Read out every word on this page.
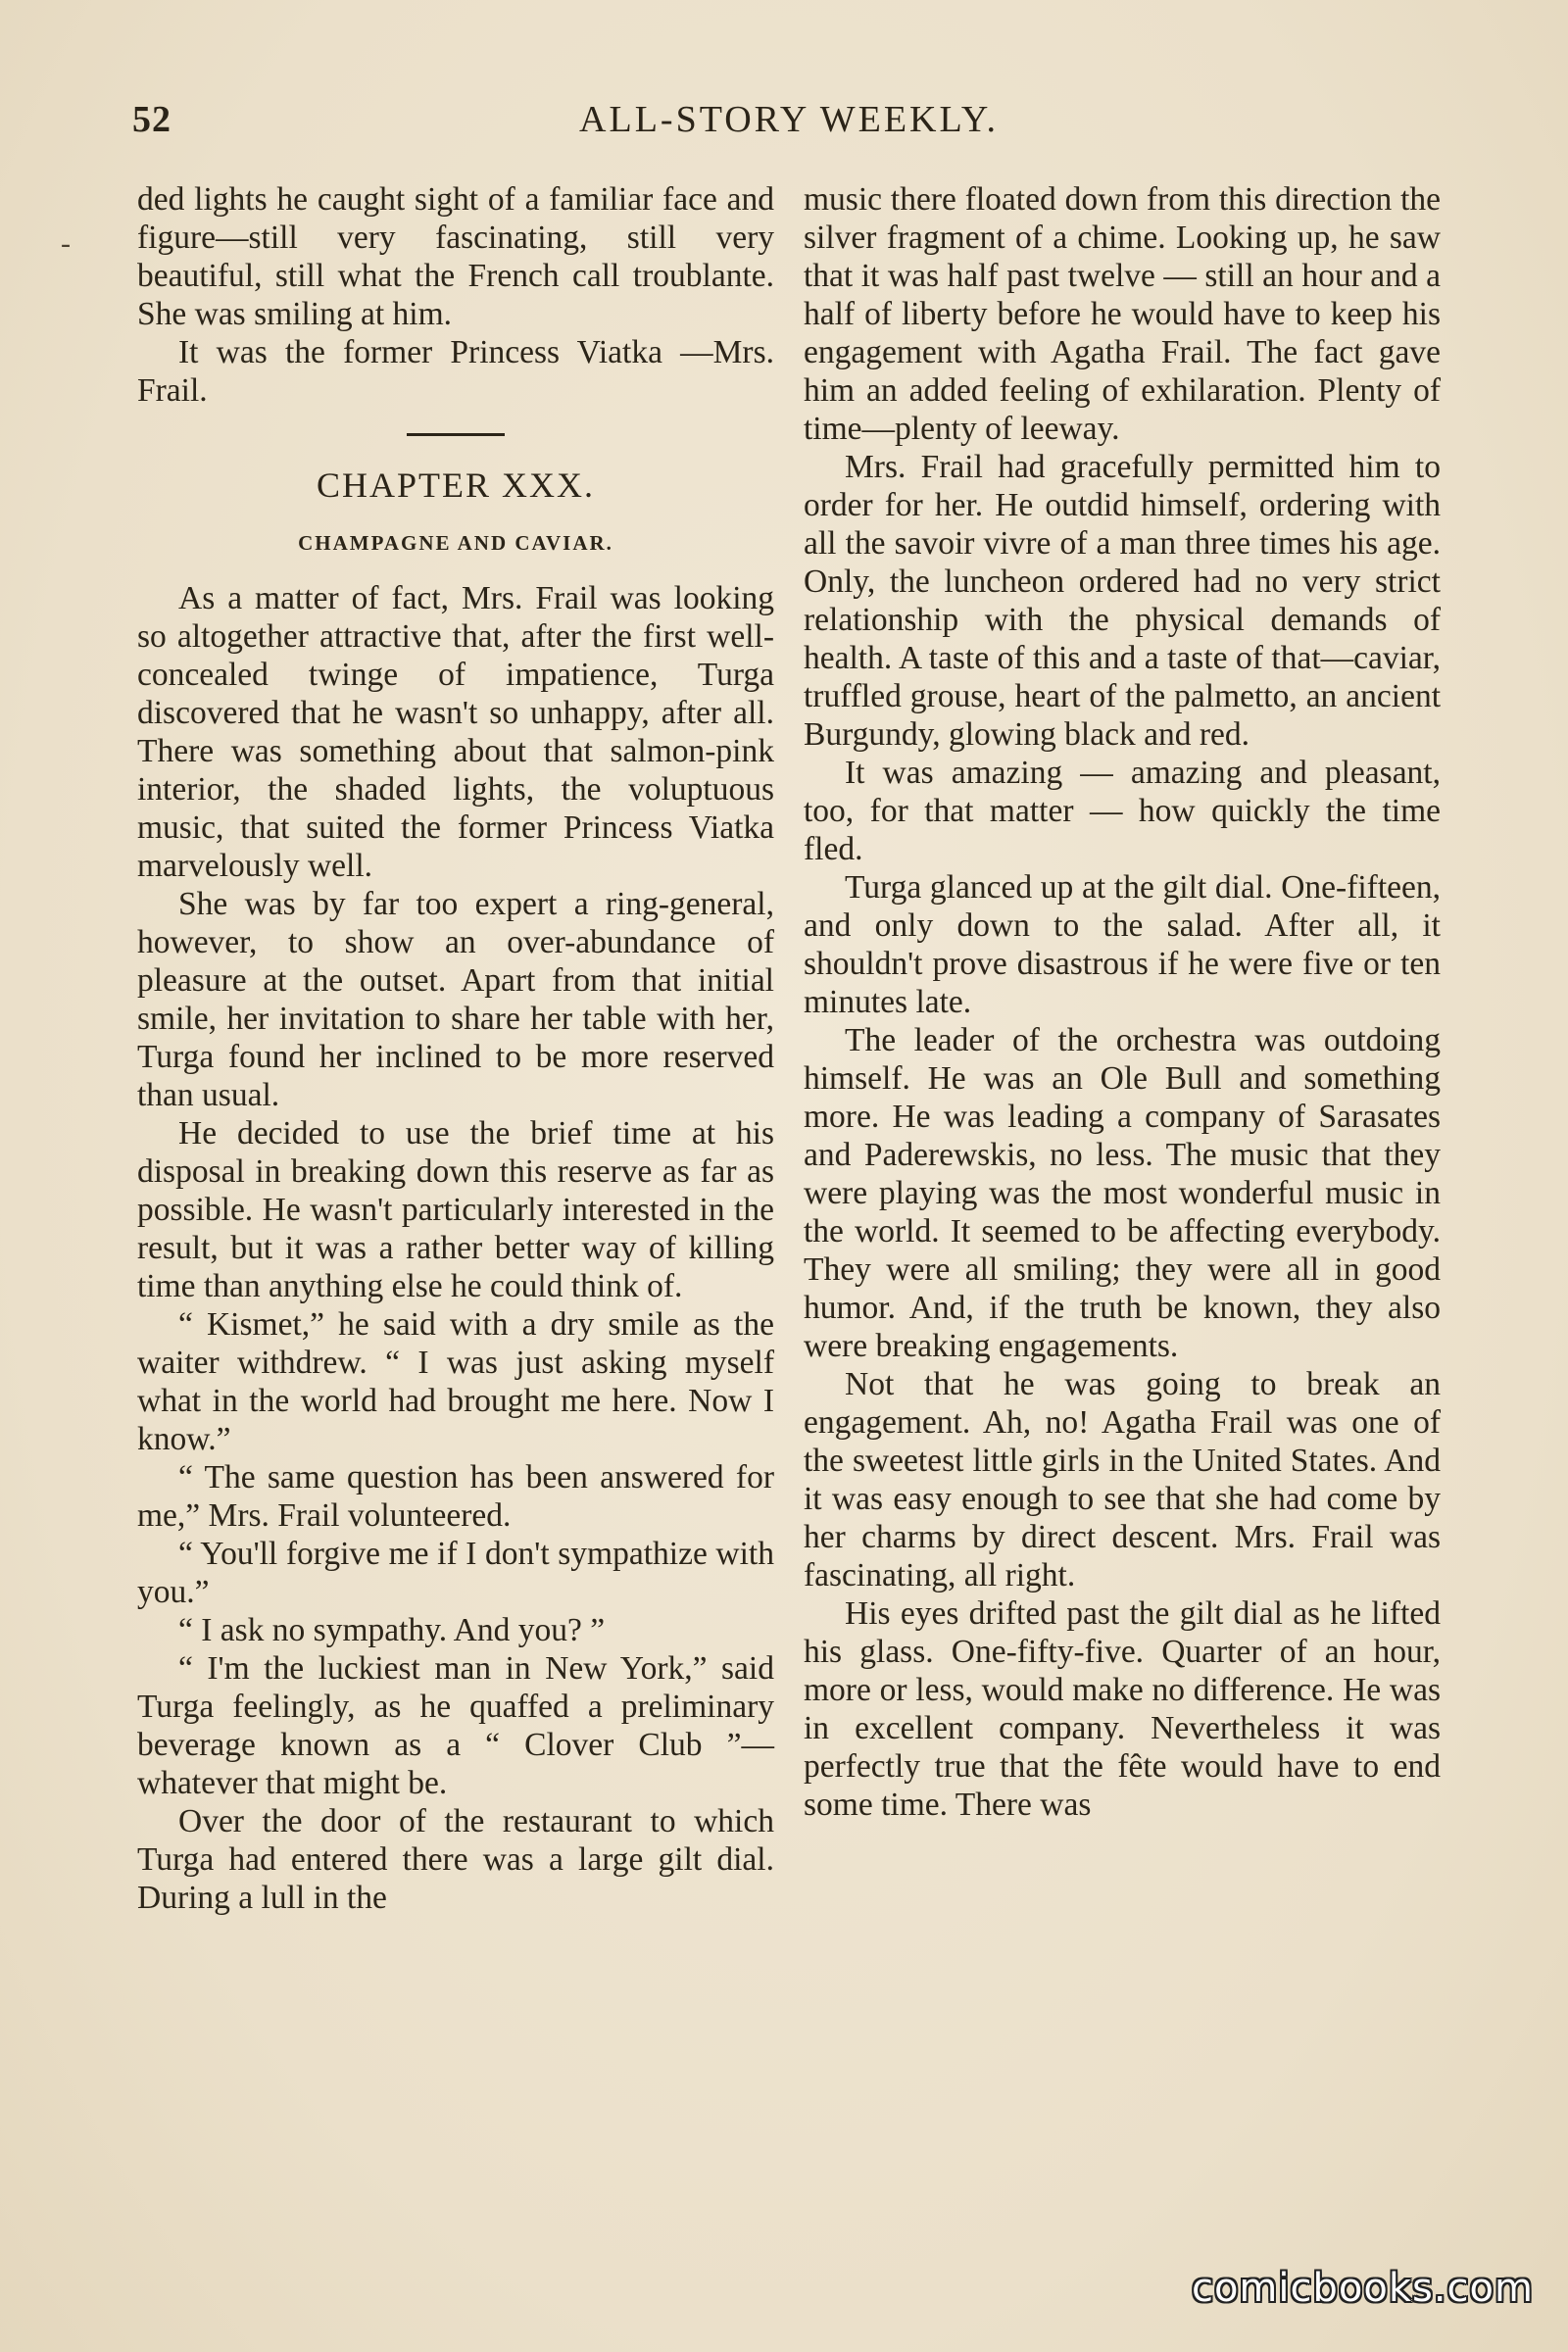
52	ALL-STORY WEEKLY.
-

ded lights he caught sight of a familiar face and figure—still very fascinating, still very beautiful, still what the French call troublante. She was smiling at him.

It was the former Princess Viatka —Mrs. Frail.

CHAPTER XXX.
CHAMPAGNE AND CAVIAR.

As a matter of fact, Mrs. Frail was looking so altogether attractive that, after the first well-concealed twinge of impatience, Turga discovered that he wasn't so unhappy, after all. There was something about that salmon-pink interior, the shaded lights, the voluptuous music, that suited the former Princess Viatka marvelously well.

She was by far too expert a ring-general, however, to show an over-abundance of pleasure at the outset. Apart from that initial smile, her invitation to share her table with her, Turga found her inclined to be more reserved than usual.

He decided to use the brief time at his disposal in breaking down this reserve as far as possible. He wasn't particularly interested in the result, but it was a rather better way of killing time than anything else he could think of.

“ Kismet,” he said with a dry smile as the waiter withdrew. “ I was just asking myself what in the world had brought me here. Now I know.”

“ The same question has been answered for me,” Mrs. Frail volunteered.

“ You'll forgive me if I don't sympathize with you.”

“ I ask no sympathy. And you? ”

“ I'm the luckiest man in New York,” said Turga feelingly, as he quaffed a preliminary beverage known as a “ Clover Club ”—whatever that might be.

Over the door of the restaurant to which Turga had entered there was a large gilt dial. During a lull in the

music there floated down from this direction the silver fragment of a chime. Looking up, he saw that it was half past twelve — still an hour and a half of liberty before he would have to keep his engagement with Agatha Frail. The fact gave him an added feeling of exhilaration. Plenty of time—plenty of leeway.

Mrs. Frail had gracefully permitted him to order for her. He outdid himself, ordering with all the savoir vivre of a man three times his age. Only, the luncheon ordered had no very strict relationship with the physical demands of health. A taste of this and a taste of that—caviar, truffled grouse, heart of the palmetto, an ancient Burgundy, glowing black and red.

It was amazing — amazing and pleasant, too, for that matter — how quickly the time fled.

Turga glanced up at the gilt dial. One-fifteen, and only down to the salad. After all, it shouldn't prove disastrous if he were five or ten minutes late.

The leader of the orchestra was outdoing himself. He was an Ole Bull and something more. He was leading a company of Sarasates and Paderewskis, no less. The music that they were playing was the most wonderful music in the world. It seemed to be affecting everybody. They were all smiling; they were all in good humor. And, if the truth be known, they also were breaking engagements.

Not that he was going to break an engagement. Ah, no! Agatha Frail was one of the sweetest little girls in the United States. And it was easy enough to see that she had come by her charms by direct descent. Mrs. Frail was fascinating, all right.

His eyes drifted past the gilt dial as he lifted his glass. One-fifty-five. Quarter of an hour, more or less, would make no difference. He was in excellent company. Nevertheless it was perfectly true that the fête would have to end some time. There was

comicbooks.com
